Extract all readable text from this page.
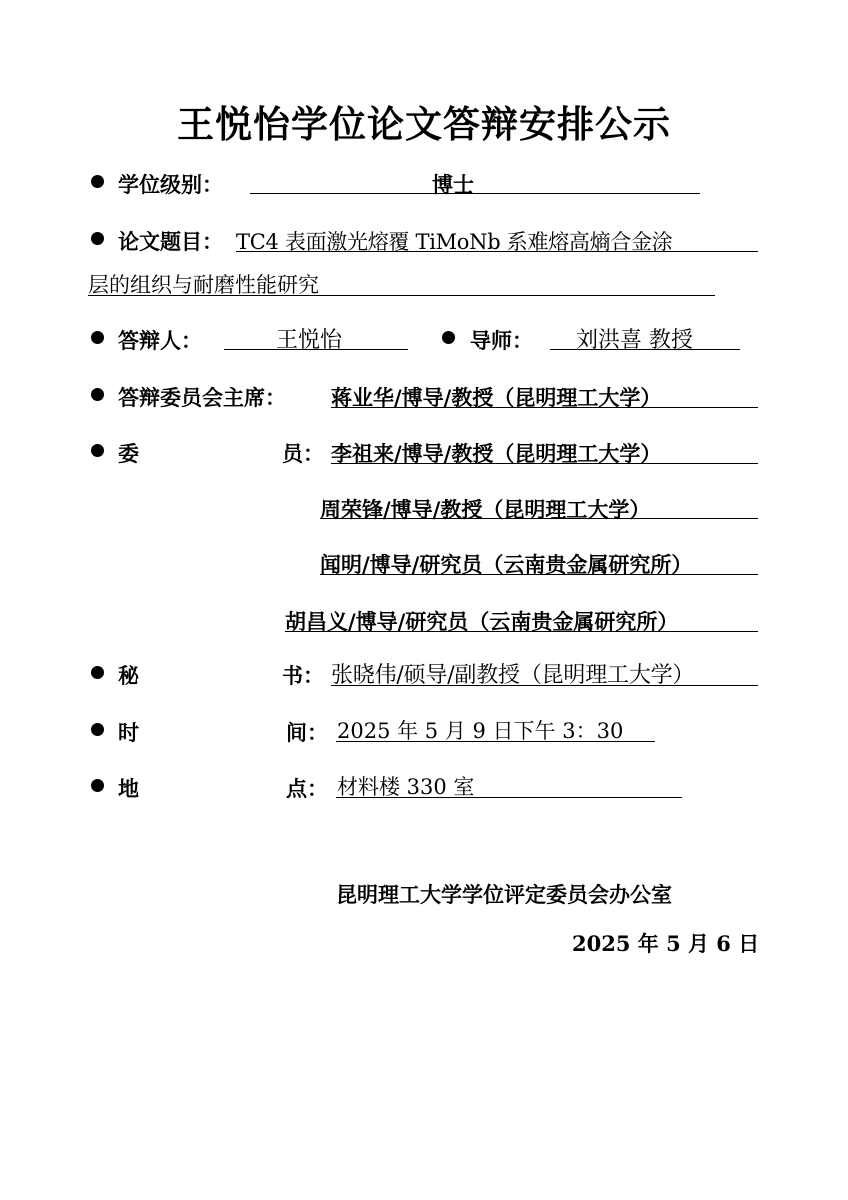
王悦怡学位论文答辩安排公示
学位级别：	博士
论文题目： TC4 表面激光熔覆 TiMoNb 系难熔高熵合金涂
层的组织与耐磨性能研究
答辩人：	王悦怡	导师： 刘洪喜 教授
答辩委员会主席： 蒋业华/博导/教授（昆明理工大学）
委	员： 李祖来/博导/教授（昆明理工大学）
周荣锋/博导/教授（昆明理工大学）
闻明/博导/研究员（云南贵金属研究所）
胡昌义/博导/研究员（云南贵金属研究所）
秘	书： 张晓伟/硕导/副教授（昆明理工大学）
时	间： 2025 年 5 月 9 日下午 3：30
地	点： 材料楼 330 室
昆明理工大学学位评定委员会办公室
2025 年 5 月 6 日
